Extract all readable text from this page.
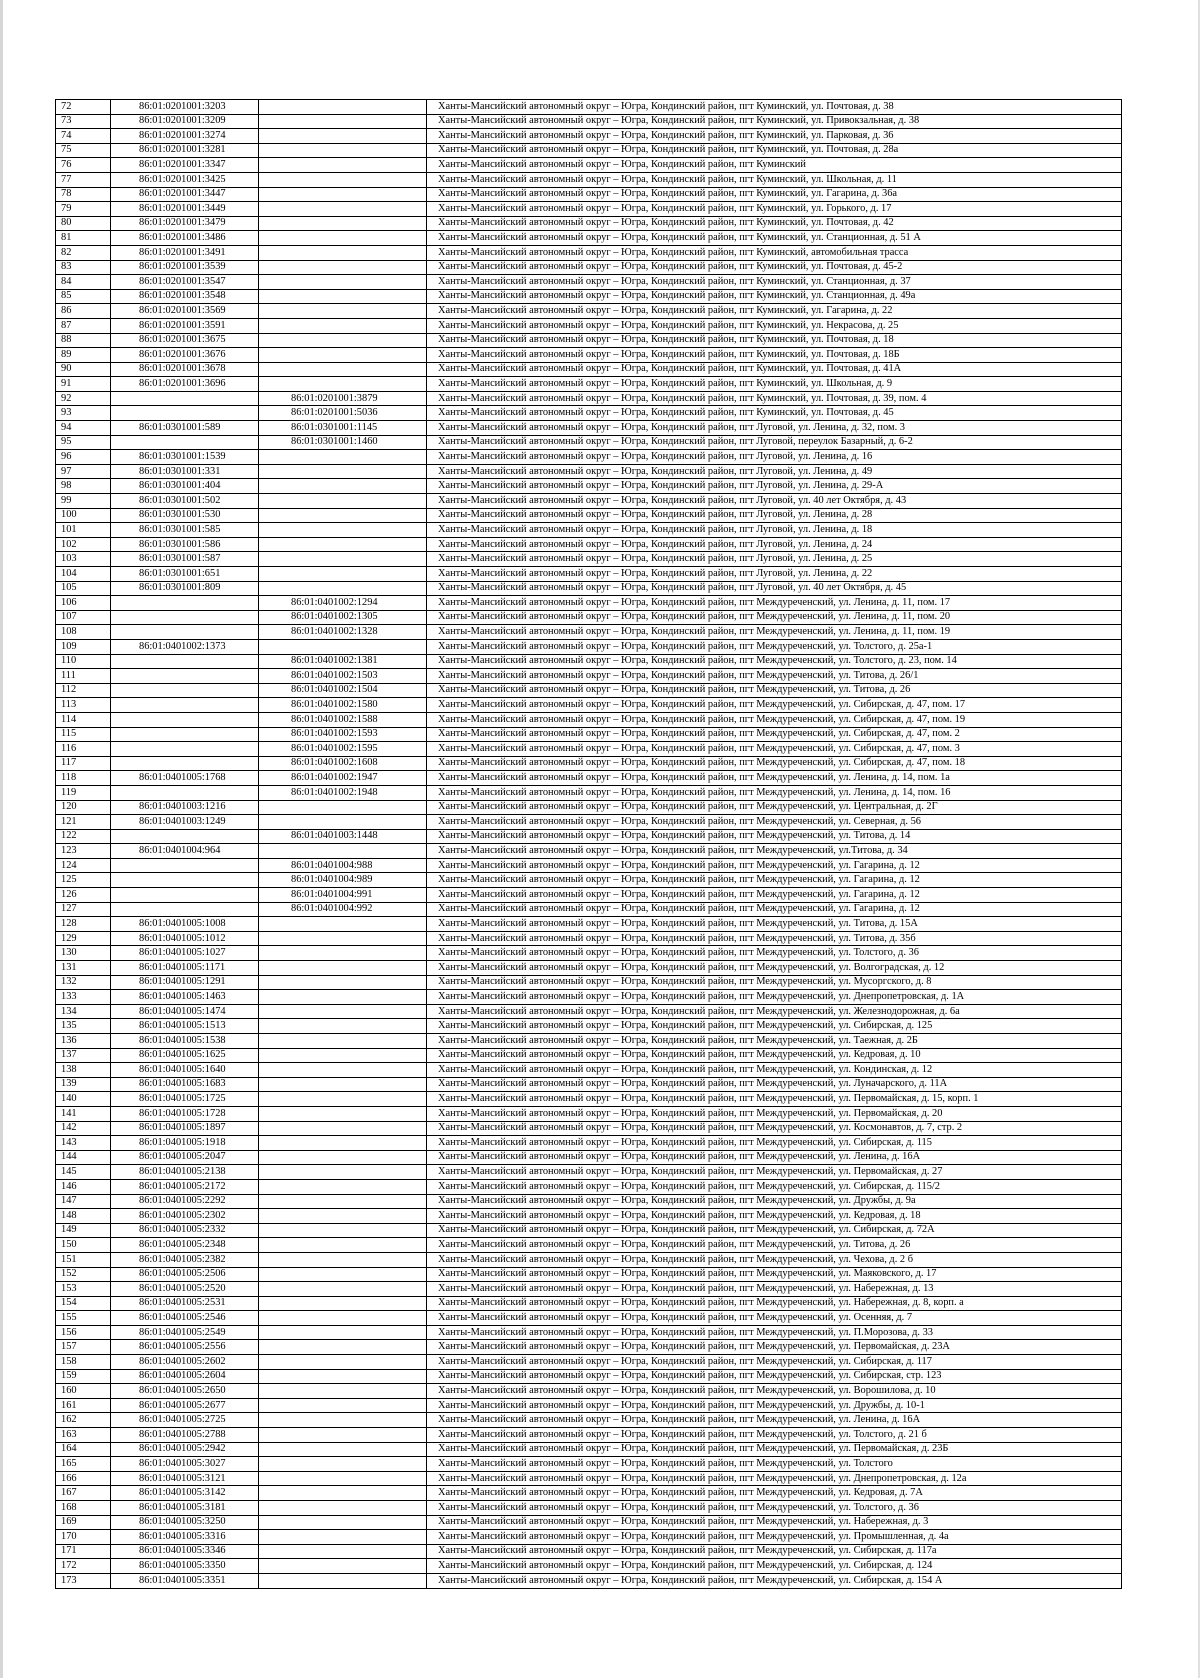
72	86:01:0201001:3203		Ханты-Мансийский автономный округ – Югра, Кондинский район, пгт Куминский, ул. Почтовая, д. 38
73	86:01:0201001:3209		Ханты-Мансийский автономный округ – Югра, Кондинский район, пгт Куминский, ул. Привокзальная, д. 38
74	86:01:0201001:3274		Ханты-Мансийский автономный округ – Югра, Кондинский район, пгт Куминский, ул. Парковая, д. 36
75	86:01:0201001:3281		Ханты-Мансийский автономный округ – Югра, Кондинский район, пгт Куминский, ул. Почтовая, д. 28а
76	86:01:0201001:3347		Ханты-Мансийский автономный округ – Югра, Кондинский район, пгт Куминский
77	86:01:0201001:3425		Ханты-Мансийский автономный округ – Югра, Кондинский район, пгт Куминский, ул. Школьная, д. 11
78	86:01:0201001:3447		Ханты-Мансийский автономный округ – Югра, Кондинский район, пгт Куминский, ул. Гагарина, д. 36а
79	86:01:0201001:3449		Ханты-Мансийский автономный округ – Югра, Кондинский район, пгт Куминский, ул. Горького, д. 17
80	86:01:0201001:3479		Ханты-Мансийский автономный округ – Югра, Кондинский район, пгт Куминский, ул. Почтовая, д. 42
81	86:01:0201001:3486		Ханты-Мансийский автономный округ – Югра, Кондинский район, пгт Куминский, ул. Станционная, д. 51 А
82	86:01:0201001:3491		Ханты-Мансийский автономный округ – Югра, Кондинский район, пгт Куминский, автомобильная трасса
83	86:01:0201001:3539		Ханты-Мансийский автономный округ – Югра, Кондинский район, пгт Куминский, ул. Почтовая, д. 45-2
84	86:01:0201001:3547		Ханты-Мансийский автономный округ – Югра, Кондинский район, пгт Куминский, ул. Станционная, д. 37
85	86:01:0201001:3548		Ханты-Мансийский автономный округ – Югра, Кондинский район, пгт Куминский, ул. Станционная, д. 49а
86	86:01:0201001:3569		Ханты-Мансийский автономный округ – Югра, Кондинский район, пгт Куминский, ул. Гагарина, д. 22
87	86:01:0201001:3591		Ханты-Мансийский автономный округ – Югра, Кондинский район, пгт Куминский, ул. Некрасова, д. 25
88	86:01:0201001:3675		Ханты-Мансийский автономный округ – Югра, Кондинский район, пгт Куминский, ул. Почтовая, д. 18
89	86:01:0201001:3676		Ханты-Мансийский автономный округ – Югра, Кондинский район, пгт Куминский, ул. Почтовая, д. 18Б
90	86:01:0201001:3678		Ханты-Мансийский автономный округ – Югра, Кондинский район, пгт Куминский, ул. Почтовая, д. 41А
91	86:01:0201001:3696		Ханты-Мансийский автономный округ – Югра, Кондинский район, пгт Куминский, ул. Школьная, д. 9
92		86:01:0201001:3879	Ханты-Мансийский автономный округ – Югра, Кондинский район, пгт Куминский, ул. Почтовая, д. 39, пом. 4
93		86:01:0201001:5036	Ханты-Мансийский автономный округ – Югра, Кондинский район, пгт Куминский, ул. Почтовая, д. 45
94	86:01:0301001:589	86:01:0301001:1145	Ханты-Мансийский автономный округ – Югра, Кондинский район, пгт Луговой, ул. Ленина, д. 32, пом. 3
95		86:01:0301001:1460	Ханты-Мансийский автономный округ – Югра, Кондинский район, пгт Луговой, переулок Базарный, д. 6-2
96	86:01:0301001:1539		Ханты-Мансийский автономный округ – Югра, Кондинский район, пгт Луговой, ул. Ленина, д. 16
97	86:01:0301001:331		Ханты-Мансийский автономный округ – Югра, Кондинский район, пгт Луговой, ул. Ленина, д. 49
98	86:01:0301001:404		Ханты-Мансийский автономный округ – Югра, Кондинский район, пгт Луговой, ул. Ленина, д. 29-А
99	86:01:0301001:502		Ханты-Мансийский автономный округ – Югра, Кондинский район, пгт Луговой, ул. 40 лет Октября, д. 43
100	86:01:0301001:530		Ханты-Мансийский автономный округ – Югра, Кондинский район, пгт Луговой, ул. Ленина, д. 28
101	86:01:0301001:585		Ханты-Мансийский автономный округ – Югра, Кондинский район, пгт Луговой, ул. Ленина, д. 18
102	86:01:0301001:586		Ханты-Мансийский автономный округ – Югра, Кондинский район, пгт Луговой, ул. Ленина, д. 24
103	86:01:0301001:587		Ханты-Мансийский автономный округ – Югра, Кондинский район, пгт Луговой, ул. Ленина, д. 25
104	86:01:0301001:651		Ханты-Мансийский автономный округ – Югра, Кондинский район, пгт Луговой, ул. Ленина, д. 22
105	86:01:0301001:809		Ханты-Мансийский автономный округ – Югра, Кондинский район, пгт Луговой, ул. 40 лет Октября, д. 45
106		86:01:0401002:1294	Ханты-Мансийский автономный округ – Югра, Кондинский район, пгт Междуреченский, ул. Ленина, д. 11, пом. 17
107		86:01:0401002:1305	Ханты-Мансийский автономный округ – Югра, Кондинский район, пгт Междуреченский, ул. Ленина, д. 11, пом. 20
108		86:01:0401002:1328	Ханты-Мансийский автономный округ – Югра, Кондинский район, пгт Междуреченский, ул. Ленина, д. 11, пом. 19
109	86:01:0401002:1373		Ханты-Мансийский автономный округ – Югра, Кондинский район, пгт Междуреченский, ул. Толстого, д. 25а-1
110		86:01:0401002:1381	Ханты-Мансийский автономный округ – Югра, Кондинский район, пгт Междуреченский, ул. Толстого, д. 23, пом. 14
111		86:01:0401002:1503	Ханты-Мансийский автономный округ – Югра, Кондинский район, пгт Междуреченский, ул. Титова, д. 26/1
112		86:01:0401002:1504	Ханты-Мансийский автономный округ – Югра, Кондинский район, пгт Междуреченский, ул. Титова, д. 26
113		86:01:0401002:1580	Ханты-Мансийский автономный округ – Югра, Кондинский район, пгт Междуреченский, ул. Сибирская, д. 47, пом. 17
114		86:01:0401002:1588	Ханты-Мансийский автономный округ – Югра, Кондинский район, пгт Междуреченский, ул. Сибирская, д. 47, пом. 19
115		86:01:0401002:1593	Ханты-Мансийский автономный округ – Югра, Кондинский район, пгт Междуреченский, ул. Сибирская, д. 47, пом. 2
116		86:01:0401002:1595	Ханты-Мансийский автономный округ – Югра, Кондинский район, пгт Междуреченский, ул. Сибирская, д. 47, пом. 3
117		86:01:0401002:1608	Ханты-Мансийский автономный округ – Югра, Кондинский район, пгт Междуреченский, ул. Сибирская, д. 47, пом. 18
118	86:01:0401005:1768	86:01:0401002:1947	Ханты-Мансийский автономный округ – Югра, Кондинский район, пгт Междуреченский, ул. Ленина, д. 14, пом. 1а
119		86:01:0401002:1948	Ханты-Мансийский автономный округ – Югра, Кондинский район, пгт Междуреченский, ул. Ленина, д. 14, пом. 16
120	86:01:0401003:1216		Ханты-Мансийский автономный округ – Югра, Кондинский район, пгт Междуреченский, ул. Центральная, д. 2Г
121	86:01:0401003:1249		Ханты-Мансийский автономный округ – Югра, Кондинский район, пгт Междуреченский, ул. Северная, д. 56
122		86:01:0401003:1448	Ханты-Мансийский автономный округ – Югра, Кондинский район, пгт Междуреченский, ул. Титова, д. 14
123	86:01:0401004:964		Ханты-Мансийский автономный округ – Югра, Кондинский район, пгт Междуреченский, ул.Титова, д. 34
124		86:01:0401004:988	Ханты-Мансийский автономный округ – Югра, Кондинский район, пгт Междуреченский, ул. Гагарина, д. 12
125		86:01:0401004:989	Ханты-Мансийский автономный округ – Югра, Кондинский район, пгт Междуреченский, ул. Гагарина, д. 12
126		86:01:0401004:991	Ханты-Мансийский автономный округ – Югра, Кондинский район, пгт Междуреченский, ул. Гагарина, д. 12
127		86:01:0401004:992	Ханты-Мансийский автономный округ – Югра, Кондинский район, пгт Междуреченский, ул. Гагарина, д. 12
128	86:01:0401005:1008		Ханты-Мансийский автономный округ – Югра, Кондинский район, пгт Междуреченский, ул. Титова, д. 15А
129	86:01:0401005:1012		Ханты-Мансийский автономный округ – Югра, Кондинский район, пгт Междуреченский, ул. Титова, д. 35б
130	86:01:0401005:1027		Ханты-Мансийский автономный округ – Югра, Кондинский район, пгт Междуреченский, ул. Толстого, д. 36
131	86:01:0401005:1171		Ханты-Мансийский автономный округ – Югра, Кондинский район, пгт Междуреченский, ул. Волгоградская, д. 12
132	86:01:0401005:1291		Ханты-Мансийский автономный округ – Югра, Кондинский район, пгт Междуреченский, ул. Мусоргского, д. 8
133	86:01:0401005:1463		Ханты-Мансийский автономный округ – Югра, Кондинский район, пгт Междуреченский, ул. Днепропетровская, д. 1А
134	86:01:0401005:1474		Ханты-Мансийский автономный округ – Югра, Кондинский район, пгт Междуреченский, ул. Железнодорожная, д. 6а
135	86:01:0401005:1513		Ханты-Мансийский автономный округ – Югра, Кондинский район, пгт Междуреченский, ул. Сибирская, д. 125
136	86:01:0401005:1538		Ханты-Мансийский автономный округ – Югра, Кондинский район, пгт Междуреченский, ул. Таежная, д. 2Б
137	86:01:0401005:1625		Ханты-Мансийский автономный округ – Югра, Кондинский район, пгт Междуреченский, ул. Кедровая, д. 10
138	86:01:0401005:1640		Ханты-Мансийский автономный округ – Югра, Кондинский район, пгт Междуреченский, ул. Кондинская, д. 12
139	86:01:0401005:1683		Ханты-Мансийский автономный округ – Югра, Кондинский район, пгт Междуреченский, ул. Луначарского, д. 11А
140	86:01:0401005:1725		Ханты-Мансийский автономный округ – Югра, Кондинский район, пгт Междуреченский, ул. Первомайская, д. 15, корп. 1
141	86:01:0401005:1728		Ханты-Мансийский автономный округ – Югра, Кондинский район, пгт Междуреченский, ул. Первомайская, д. 20
142	86:01:0401005:1897		Ханты-Мансийский автономный округ – Югра, Кондинский район, пгт Междуреченский, ул. Космонавтов, д. 7, стр. 2
143	86:01:0401005:1918		Ханты-Мансийский автономный округ – Югра, Кондинский район, пгт Междуреченский, ул. Сибирская, д. 115
144	86:01:0401005:2047		Ханты-Мансийский автономный округ – Югра, Кондинский район, пгт Междуреченский, ул. Ленина, д. 16А
145	86:01:0401005:2138		Ханты-Мансийский автономный округ – Югра, Кондинский район, пгт Междуреченский, ул. Первомайская, д. 27
146	86:01:0401005:2172		Ханты-Мансийский автономный округ – Югра, Кондинский район, пгт Междуреченский, ул. Сибирская, д. 115/2
147	86:01:0401005:2292		Ханты-Мансийский автономный округ – Югра, Кондинский район, пгт Междуреченский, ул. Дружбы, д. 9а
148	86:01:0401005:2302		Ханты-Мансийский автономный округ – Югра, Кондинский район, пгт Междуреченский, ул. Кедровая, д. 18
149	86:01:0401005:2332		Ханты-Мансийский автономный округ – Югра, Кондинский район, пгт Междуреченский, ул. Сибирская, д. 72А
150	86:01:0401005:2348		Ханты-Мансийский автономный округ – Югра, Кондинский район, пгт Междуреченский, ул. Титова, д. 26
151	86:01:0401005:2382		Ханты-Мансийский автономный округ – Югра, Кондинский район, пгт Междуреченский, ул. Чехова, д. 2 б
152	86:01:0401005:2506		Ханты-Мансийский автономный округ – Югра, Кондинский район, пгт Междуреченский, ул. Маяковского, д. 17
153	86:01:0401005:2520		Ханты-Мансийский автономный округ – Югра, Кондинский район, пгт Междуреченский, ул. Набережная, д. 13
154	86:01:0401005:2531		Ханты-Мансийский автономный округ – Югра, Кондинский район, пгт Междуреченский, ул. Набережная, д. 8, корп. а
155	86:01:0401005:2546		Ханты-Мансийский автономный округ – Югра, Кондинский район, пгт Междуреченский, ул. Осенняя, д. 7
156	86:01:0401005:2549		Ханты-Мансийский автономный округ – Югра, Кондинский район, пгт Междуреченский, ул. П.Морозова, д. 33
157	86:01:0401005:2556		Ханты-Мансийский автономный округ – Югра, Кондинский район, пгт Междуреченский, ул. Первомайская, д. 23А
158	86:01:0401005:2602		Ханты-Мансийский автономный округ – Югра, Кондинский район, пгт Междуреченский, ул. Сибирская, д. 117
159	86:01:0401005:2604		Ханты-Мансийский автономный округ – Югра, Кондинский район, пгт Междуреченский, ул. Сибирская, стр. 123
160	86:01:0401005:2650		Ханты-Мансийский автономный округ – Югра, Кондинский район, пгт Междуреченский, ул. Ворошилова, д. 10
161	86:01:0401005:2677		Ханты-Мансийский автономный округ – Югра, Кондинский район, пгт Междуреченский, ул. Дружбы, д. 10-1
162	86:01:0401005:2725		Ханты-Мансийский автономный округ – Югра, Кондинский район, пгт Междуреченский, ул. Ленина, д. 16А
163	86:01:0401005:2788		Ханты-Мансийский автономный округ – Югра, Кондинский район, пгт Междуреченский, ул. Толстого, д. 21 б
164	86:01:0401005:2942		Ханты-Мансийский автономный округ – Югра, Кондинский район, пгт Междуреченский, ул. Первомайская, д. 23Б
165	86:01:0401005:3027		Ханты-Мансийский автономный округ – Югра, Кондинский район, пгт Междуреченский, ул. Толстого
166	86:01:0401005:3121		Ханты-Мансийский автономный округ – Югра, Кондинский район, пгт Междуреченский, ул. Днепропетровская, д. 12а
167	86:01:0401005:3142		Ханты-Мансийский автономный округ – Югра, Кондинский район, пгт Междуреченский, ул. Кедровая, д. 7А
168	86:01:0401005:3181		Ханты-Мансийский автономный округ – Югра, Кондинский район, пгт Междуреченский, ул. Толстого, д. 36
169	86:01:0401005:3250		Ханты-Мансийский автономный округ – Югра, Кондинский район, пгт Междуреченский, ул. Набережная, д. 3
170	86:01:0401005:3316		Ханты-Мансийский автономный округ – Югра, Кондинский район, пгт Междуреченский, ул. Промышленная, д. 4а
171	86:01:0401005:3346		Ханты-Мансийский автономный округ – Югра, Кондинский район, пгт Междуреченский, ул. Сибирская, д. 117а
172	86:01:0401005:3350		Ханты-Мансийский автономный округ – Югра, Кондинский район, пгт Междуреченский, ул. Сибирская, д. 124
173	86:01:0401005:3351		Ханты-Мансийский автономный округ – Югра, Кондинский район, пгт Междуреченский, ул. Сибирская, д. 154 А
